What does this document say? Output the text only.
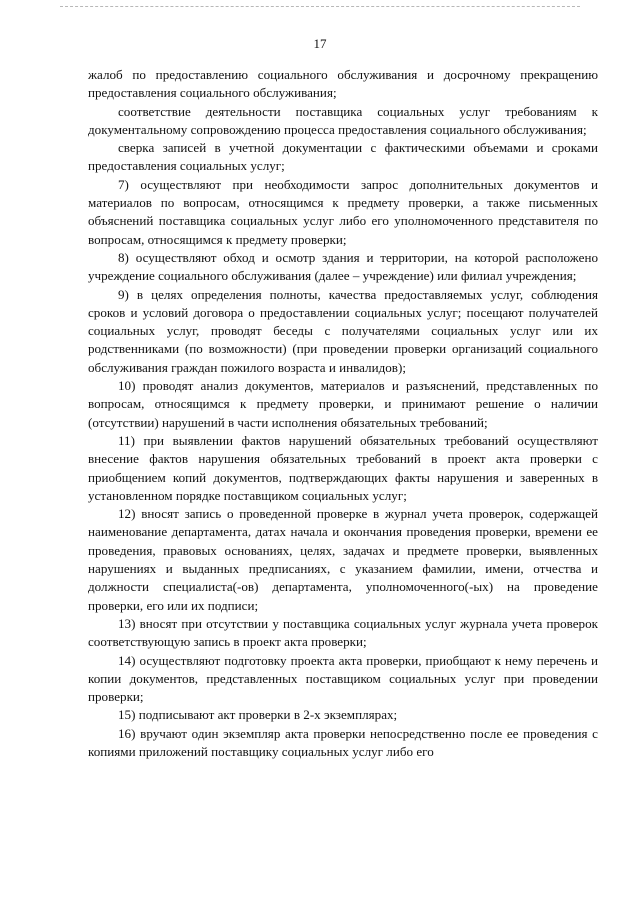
17

жалоб по предоставлению социального обслуживания и досрочному прекращению предоставления социального обслуживания;

соответствие деятельности поставщика социальных услуг требованиям к документальному сопровождению процесса предоставления социального обслуживания;

сверка записей в учетной документации с фактическими объемами и сроками предоставления социальных услуг;

7) осуществляют при необходимости запрос дополнительных документов и материалов по вопросам, относящимся к предмету проверки, а также письменных объяснений поставщика социальных услуг либо его уполномоченного представителя по вопросам, относящимся к предмету проверки;

8) осуществляют обход и осмотр здания и территории, на которой расположено учреждение социального обслуживания (далее – учреждение) или филиал учреждения;

9) в целях определения полноты, качества предоставляемых услуг, соблюдения сроков и условий договора о предоставлении социальных услуг; посещают получателей социальных услуг, проводят беседы с получателями социальных услуг или их родственниками (по возможности) (при проведении проверки организаций социального обслуживания граждан пожилого возраста и инвалидов);

10) проводят анализ документов, материалов и разъяснений, представленных по вопросам, относящимся к предмету проверки, и принимают решение о наличии (отсутствии) нарушений в части исполнения обязательных требований;

11) при выявлении фактов нарушений обязательных требований осуществляют внесение фактов нарушения обязательных требований в проект акта проверки с приобщением копий документов, подтверждающих факты нарушения и заверенных в установленном порядке поставщиком социальных услуг;

12) вносят запись о проведенной проверке в журнал учета проверок, содержащей наименование департамента, датах начала и окончания проведения проверки, времени ее проведения, правовых основаниях, целях, задачах и предмете проверки, выявленных нарушениях и выданных предписаниях, с указанием фамилии, имени, отчества и должности специалиста(-ов) департамента, уполномоченного(-ых) на проведение проверки, его или их подписи;

13) вносят при отсутствии у поставщика социальных услуг журнала учета проверок соответствующую запись в проект акта проверки;

14) осуществляют подготовку проекта акта проверки, приобщают к нему перечень и копии документов, представленных поставщиком социальных услуг при проведении проверки;

15) подписывают акт проверки в 2-х экземплярах;

16) вручают один экземпляр акта проверки непосредственно после ее проведения с копиями приложений поставщику социальных услуг либо его
